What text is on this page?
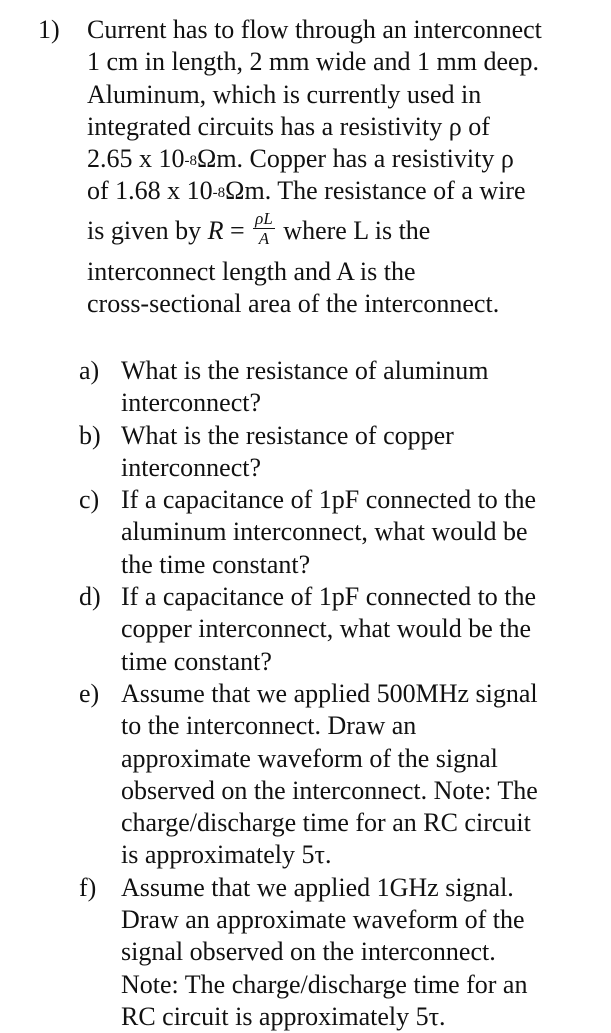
1) Current has to flow through an interconnect
1 cm in length, 2 mm wide and 1 mm deep.
Aluminum, which is currently used in
integrated circuits has a resistivity ρ of
2.65 x $10^{-8}\Omega m$. Copper has a resistivity ρ
of 1.68 x $10^{-8}\Omega m$. The resistance of a wire
is given by $R = \frac{\rho L}{A}$ where L is the
interconnect length and A is the
cross-sectional area of the interconnect.
a) What is the resistance of aluminum
interconnect?
b) What is the resistance of copper
interconnect?
c) If a capacitance of 1pF connected to the
aluminum interconnect, what would be
the time constant?
d) If a capacitance of 1pF connected to the
copper interconnect, what would be the
time constant?
e) Assume that we applied 500MHz signal
to the interconnect. Draw an
approximate waveform of the signal
observed on the interconnect. Note: The
charge/discharge time for an RC circuit
is approximately 5τ.
f) Assume that we applied 1GHz signal.
Draw an approximate waveform of the
signal observed on the interconnect.
Note: The charge/discharge time for an
RC circuit is approximately 5τ.
